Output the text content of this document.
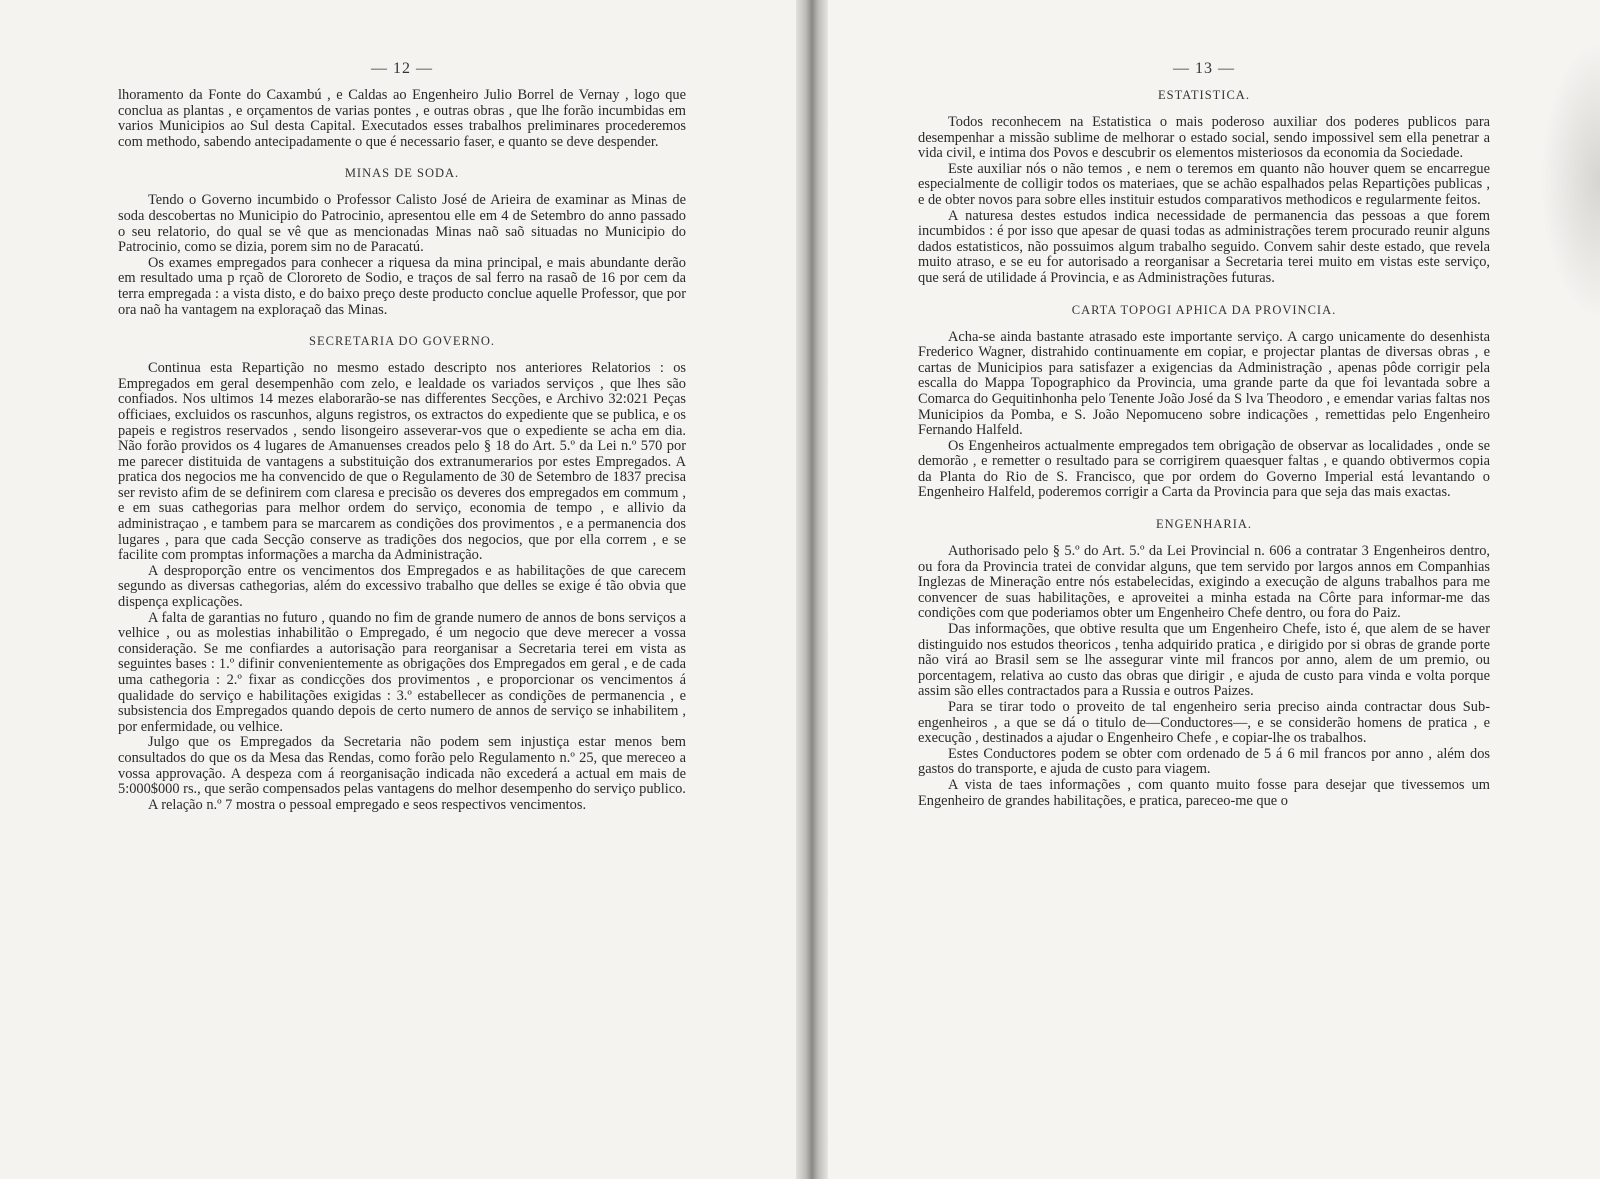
— 12 —

lhoramento da Fonte do Caxambú , e Caldas ao Engenheiro Julio Borrel de Vernay , logo que conclua as plantas , e orçamentos de varias pontes , e outras obras , que lhe forão incumbidas em varios Municipios ao Sul desta Capital. Executados esses trabalhos preliminares procederemos com methodo, sabendo antecipadamente o que é necessario faser, e quanto se deve despender.

MINAS DE SODA.

Tendo o Governo incumbido o Professor Calisto José de Arieira de examinar as Minas de soda descobertas no Municipio do Patrocinio, apresentou elle em 4 de Setembro do anno passado o seu relatorio, do qual se vê que as mencionadas Minas naõ saõ situadas no Municipio do Patrocinio, como se dizia, porem sim no de Paracatú.

Os exames empregados para conhecer a riquesa da mina principal, e mais abundante derão em resultado uma p rçaõ de Clororeto de Sodio, e traços de sal ferro na rasaõ de 16 por cem da terra empregada : a vista disto, e do baixo preço deste producto conclue aquelle Professor, que por ora naõ ha vantagem na exploraçaõ das Minas.

SECRETARIA DO GOVERNO.

Continua esta Repartição no mesmo estado descripto nos anteriores Relatorios : os Empregados em geral desempenhão com zelo, e lealdade os variados serviços , que lhes são confiados. Nos ultimos 14 mezes elaborarão-se nas differentes Secções, e Archivo 32:021 Peças officiaes, excluidos os rascunhos, alguns registros, os extractos do expediente que se publica, e os papeis e registros reservados , sendo lisongeiro asseverar-vos que o expediente se acha em dia. Não forão providos os 4 lugares de Amanuenses creados pelo § 18 do Art. 5.º da Lei n.º 570 por me parecer distituida de vantagens a substituição dos extranumerarios por estes Empregados. A pratica dos negocios me ha convencido de que o Regulamento de 30 de Setembro de 1837 precisa ser revisto afim de se definirem com claresa e precisão os deveres dos empregados em commum , e em suas cathegorias para melhor ordem do serviço, economia de tempo , e allivio da administraçao , e tambem para se marcarem as condições dos provimentos , e a permanencia dos lugares , para que cada Secção conserve as tradições dos negocios, que por ella correm , e se facilite com promptas informações a marcha da Administração.

A desproporção entre os vencimentos dos Empregados e as habilitações de que carecem segundo as diversas cathegorias, além do excessivo trabalho que delles se exige é tão obvia que dispença explicações.

A falta de garantias no futuro , quando no fim de grande numero de annos de bons serviços a velhice , ou as molestias inhabilitão o Empregado, é um negocio que deve merecer a vossa consideração. Se me confiardes a autorisação para reorganisar a Secretaria terei em vista as seguintes bases : 1.º difinir convenientemente as obrigações dos Empregados em geral , e de cada uma cathegoria : 2.º fixar as condicções dos provimentos , e proporcionar os vencimentos á qualidade do serviço e habilitações exigidas : 3.º estabellecer as condições de permanencia , e subsistencia dos Empregados quando depois de certo numero de annos de serviço se inhabilitem , por enfermidade, ou velhice.

Julgo que os Empregados da Secretaria não podem sem injustiça estar menos bem consultados do que os da Mesa das Rendas, como forão pelo Regulamento n.º 25, que mereceo a vossa approvação. A despeza com á reorganisação indicada não excederá a actual em mais de 5:000$000 rs., que serão compensados pelas vantagens do melhor desempenho do serviço publico.

A relação n.º 7 mostra o pessoal empregado e seos respectivos vencimentos.

— 13 —
ESTATISTICA.

Todos reconhecem na Estatistica o mais poderoso auxiliar dos poderes publicos para desempenhar a missão sublime de melhorar o estado social, sendo impossivel sem ella penetrar a vida civil, e intima dos Povos e descubrir os elementos misteriosos da economia da Sociedade.

Este auxiliar nós o não temos , e nem o teremos em quanto não houver quem se encarregue especialmente de colligir todos os materiaes, que se achão espalhados pelas Repartições publicas , e de obter novos para sobre elles instituir estudos comparativos methodicos e regularmente feitos.

A naturesa destes estudos indica necessidade de permanencia das pessoas a que forem incumbidos : é por isso que apesar de quasi todas as administrações terem procurado reunir alguns dados estatisticos, não possuimos algum trabalho seguido. Convem sahir deste estado, que revela muito atraso, e se eu for autorisado a reorganisar a Secretaria terei muito em vistas este serviço, que será de utilidade á Provincia, e as Administrações futuras.

CARTA TOPOGI APHICA DA PROVINCIA.

Acha-se ainda bastante atrasado este importante serviço. A cargo unicamente do desenhista Frederico Wagner, distrahido continuamente em copiar, e projectar plantas de diversas obras , e cartas de Municipios para satisfazer a exigencias da Administração , apenas pôde corrigir pela escalla do Mappa Topographico da Provincia, uma grande parte da que foi levantada sobre a Comarca do Gequitinhonha pelo Tenente João José da S lva Theodoro , e emendar varias faltas nos Municipios da Pomba, e S. João Nepomuceno sobre indicações , remettidas pelo Engenheiro Fernando Halfeld.

Os Engenheiros actualmente empregados tem obrigação de observar as localidades , onde se demorão , e remetter o resultado para se corrigirem quaesquer faltas , e quando obtivermos copia da Planta do Rio de S. Francisco, que por ordem do Governo Imperial está levantando o Engenheiro Halfeld, poderemos corrigir a Carta da Provincia para que seja das mais exactas.

ENGENHARIA.

Authorisado pelo § 5.º do Art. 5.º da Lei Provincial n. 606 a contratar 3 Engenheiros dentro, ou fora da Provincia tratei de convidar alguns, que tem servido por largos annos em Companhias Inglezas de Mineração entre nós estabelecidas, exigindo a execução de alguns trabalhos para me convencer de suas habilitações, e aproveitei a minha estada na Côrte para informar-me das condições com que poderiamos obter um Engenheiro Chefe dentro, ou fora do Paiz.

Das informações, que obtive resulta que um Engenheiro Chefe, isto é, que alem de se haver distinguido nos estudos theoricos , tenha adquirido pratica , e dirigido por si obras de grande porte não virá ao Brasil sem se lhe assegurar vinte mil francos por anno, alem de um premio, ou porcentagem, relativa ao custo das obras que dirigir , e ajuda de custo para vinda e volta porque assim são elles contractados para a Russia e outros Paizes.

Para se tirar todo o proveito de tal engenheiro seria preciso ainda contractar dous Sub-engenheiros , a que se dá o titulo de—Conductores—, e se considerão homens de pratica , e execução , destinados a ajudar o Engenheiro Chefe , e copiar-lhe os trabalhos.

Estes Conductores podem se obter com ordenado de 5 á 6 mil francos por anno , além dos gastos do transporte, e ajuda de custo para viagem.

A vista de taes informações , com quanto muito fosse para desejar que tivessemos um Engenheiro de grandes habilitações, e pratica, pareceo-me que o
